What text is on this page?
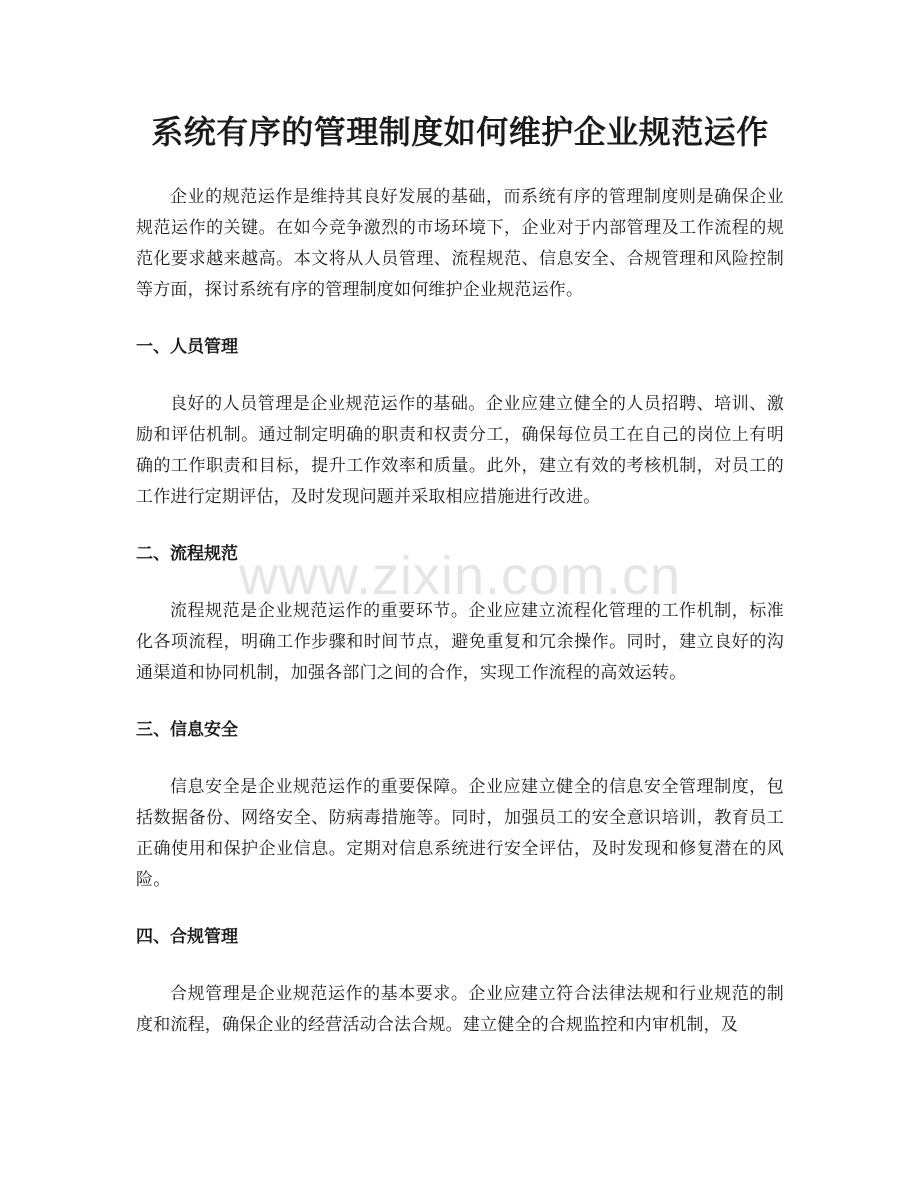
系统有序的管理制度如何维护企业规范运作

企业的规范运作是维持其良好发展的基础，而系统有序的管理制度则是确保企业规范运作的关键。在如今竞争激烈的市场环境下，企业对于内部管理及工作流程的规范化要求越来越高。本文将从人员管理、流程规范、信息安全、合规管理和风险控制等方面，探讨系统有序的管理制度如何维护企业规范运作。

一、人员管理

良好的人员管理是企业规范运作的基础。企业应建立健全的人员招聘、培训、激励和评估机制。通过制定明确的职责和权责分工，确保每位员工在自己的岗位上有明确的工作职责和目标，提升工作效率和质量。此外，建立有效的考核机制，对员工的工作进行定期评估，及时发现问题并采取相应措施进行改进。

二、流程规范

流程规范是企业规范运作的重要环节。企业应建立流程化管理的工作机制，标准化各项流程，明确工作步骤和时间节点，避免重复和冗余操作。同时，建立良好的沟通渠道和协同机制，加强各部门之间的合作，实现工作流程的高效运转。

三、信息安全

信息安全是企业规范运作的重要保障。企业应建立健全的信息安全管理制度，包括数据备份、网络安全、防病毒措施等。同时，加强员工的安全意识培训，教育员工正确使用和保护企业信息。定期对信息系统进行安全评估，及时发现和修复潜在的风险。

四、合规管理

合规管理是企业规范运作的基本要求。企业应建立符合法律法规和行业规范的制度和流程，确保企业的经营活动合法合规。建立健全的合规监控和内审机制，及

www.zixin.com.cn
